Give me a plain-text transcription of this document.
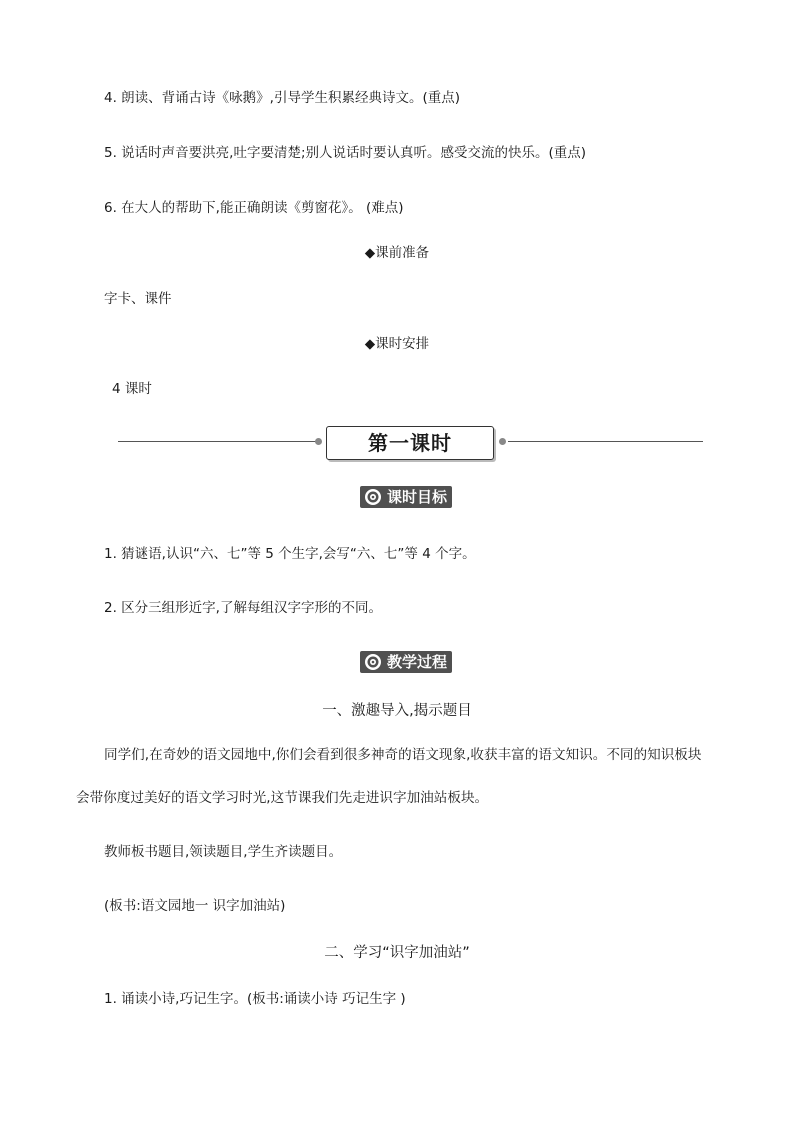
4. 朗读、背诵古诗《咏鹅》,引导学生积累经典诗文。(重点)
5. 说话时声音要洪亮,吐字要清楚;别人说话时要认真听。感受交流的快乐。(重点)
6. 在大人的帮助下,能正确朗读《剪窗花》。 (难点)
◆课前准备
字卡、课件
◆课时安排
4 课时
第一课时
课时目标
1. 猜谜语,认识“六、七”等 5 个生字,会写“六、七”等 4 个字。
2. 区分三组形近字,了解每组汉字字形的不同。
教学过程
一、激趣导入,揭示题目
同学们,在奇妙的语文园地中,你们会看到很多神奇的语文现象,收获丰富的语文知识。不同的知识板块
会带你度过美好的语文学习时光,这节课我们先走进识字加油站板块。
教师板书题目,领读题目,学生齐读题目。
(板书:语文园地一 识字加油站)
二、学习“识字加油站”
1. 诵读小诗,巧记生字。(板书:诵读小诗 巧记生字 )
